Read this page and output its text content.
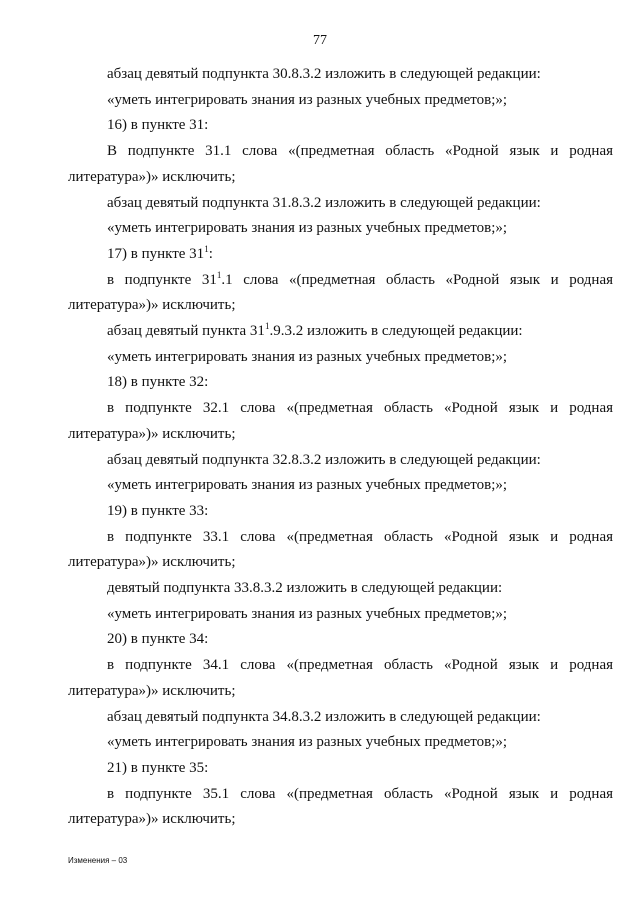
77
абзац девятый подпункта 30.8.3.2 изложить в следующей редакции:
«уметь интегрировать знания из разных учебных предметов;»;
16) в пункте 31:
В подпункте 31.1 слова «(предметная область «Родной язык и родная
литература»)» исключить;
абзац девятый подпункта 31.8.3.2 изложить в следующей редакции:
«уметь интегрировать знания из разных учебных предметов;»;
17) в пункте $31^1$:
в подпункте $31^1.1$ слова «(предметная область «Родной язык и родная
литература»)» исключить;
абзац девятый пункта $31^1.9.3.2$ изложить в следующей редакции:
«уметь интегрировать знания из разных учебных предметов;»;
18) в пункте 32:
в подпункте 32.1 слова «(предметная область «Родной язык и родная
литература»)» исключить;
абзац девятый подпункта 32.8.3.2 изложить в следующей редакции:
«уметь интегрировать знания из разных учебных предметов;»;
19) в пункте 33:
в подпункте 33.1 слова «(предметная область «Родной язык и родная
литература»)» исключить;
девятый подпункта 33.8.3.2 изложить в следующей редакции:
«уметь интегрировать знания из разных учебных предметов;»;
20) в пункте 34:
в подпункте 34.1 слова «(предметная область «Родной язык и родная
литература»)» исключить;
абзац девятый подпункта 34.8.3.2 изложить в следующей редакции:
«уметь интегрировать знания из разных учебных предметов;»;
21) в пункте 35:
в подпункте 35.1 слова «(предметная область «Родной язык и родная
литература»)» исключить;
Изменения – 03
